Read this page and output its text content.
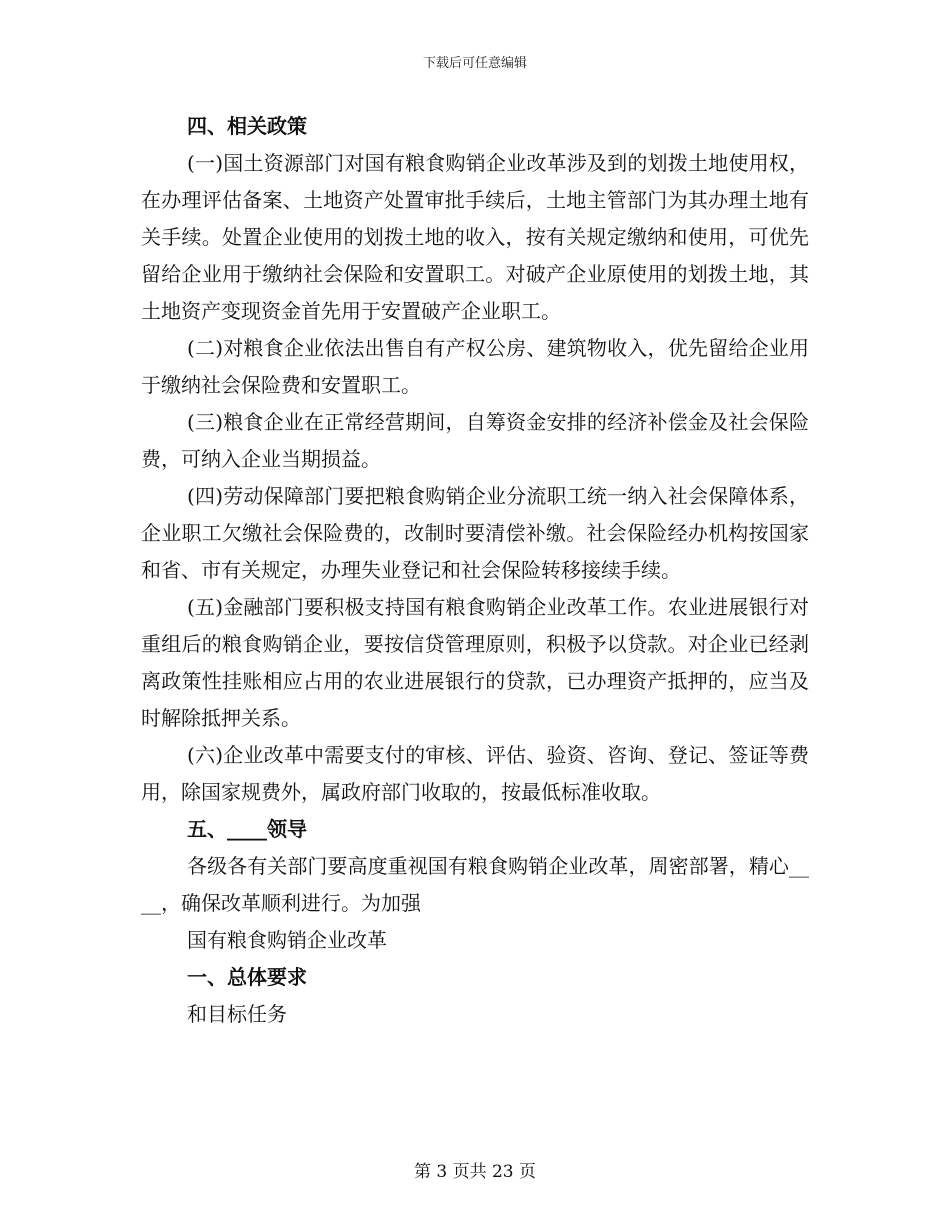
下载后可任意编辑

四、相关政策

(一)国土资源部门对国有粮食购销企业改革涉及到的划拨土地使用权，在办理评估备案、土地资产处置审批手续后，土地主管部门为其办理土地有关手续。处置企业使用的划拨土地的收入，按有关规定缴纳和使用，可优先留给企业用于缴纳社会保险和安置职工。对破产企业原使用的划拨土地，其土地资产变现资金首先用于安置破产企业职工。

(二)对粮食企业依法出售自有产权公房、建筑物收入，优先留给企业用于缴纳社会保险费和安置职工。

(三)粮食企业在正常经营期间，自筹资金安排的经济补偿金及社会保险费，可纳入企业当期损益。

(四)劳动保障部门要把粮食购销企业分流职工统一纳入社会保障体系，企业职工欠缴社会保险费的，改制时要清偿补缴。社会保险经办机构按国家和省、市有关规定，办理失业登记和社会保险转移接续手续。

(五)金融部门要积极支持国有粮食购销企业改革工作。农业进展银行对重组后的粮食购销企业，要按信贷管理原则，积极予以贷款。对企业已经剥离政策性挂账相应占用的农业进展银行的贷款，已办理资产抵押的，应当及时解除抵押关系。

(六)企业改革中需要支付的审核、评估、验资、咨询、登记、签证等费用，除国家规费外，属政府部门收取的，按最低标准收取。

五、____领导

各级各有关部门要高度重视国有粮食购销企业改革，周密部署，精心____，确保改革顺利进行。为加强

国有粮食购销企业改革

一、总体要求

和目标任务

第 3 页共 23 页
